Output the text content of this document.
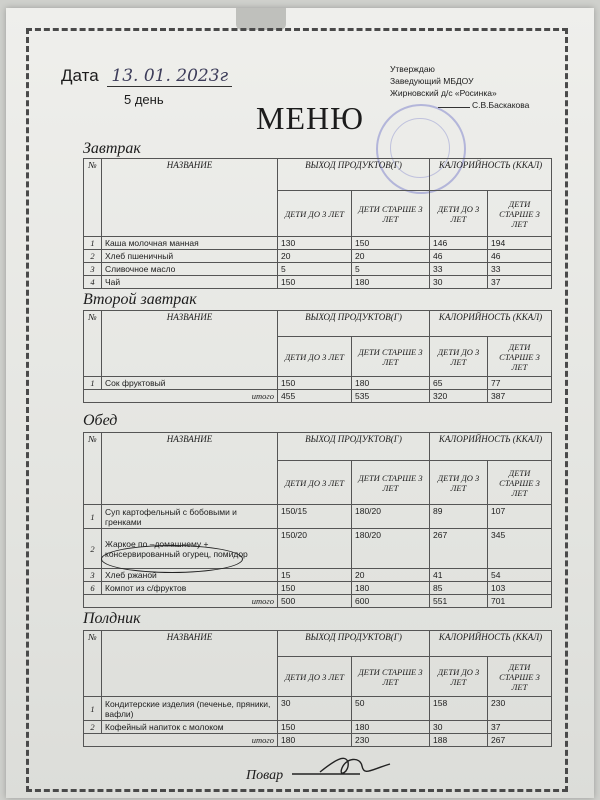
Дата 13. 01. 2023г
5 день
Утверждаю
Заведующий МБДОУ
Жирновский д/с «Росинка»
С.В.Баскакова
МЕНЮ
Завтрак
№	НАЗВАНИЕ	ВЫХОД ПРОДУКТОВ(Г)		КАЛОРИЙНОСТЬ (ККАЛ)	
		ДЕТИ ДО 3 ЛЕТ	ДЕТИ СТАРШЕ 3 ЛЕТ	ДЕТИ ДО 3 ЛЕТ	ДЕТИ СТАРШЕ 3 ЛЕТ
1	Каша молочная манная	130	150	146	194
2	Хлеб пшеничный	20	20	46	46
3	Сливочное масло	5	5	33	33
4	Чай	150	180	30	37
Второй завтрак
№	НАЗВАНИЕ	ВЫХОД ПРОДУКТОВ(Г)		КАЛОРИЙНОСТЬ (ККАЛ)	
		ДЕТИ ДО 3 ЛЕТ	ДЕТИ СТАРШЕ 3 ЛЕТ	ДЕТИ ДО 3 ЛЕТ	ДЕТИ СТАРШЕ 3 ЛЕТ
1	Сок фруктовый	150	180	65	77
итого		455	535	320	387
Обед
№	НАЗВАНИЕ	ВЫХОД ПРОДУКТОВ(Г)		КАЛОРИЙНОСТЬ (ККАЛ)	
		ДЕТИ ДО 3 ЛЕТ	ДЕТИ СТАРШЕ 3 ЛЕТ	ДЕТИ ДО 3 ЛЕТ	ДЕТИ СТАРШЕ 3 ЛЕТ
1	Суп картофельный с бобовыми и гренками	150/15	180/20	89	107
2	Жаркое по –домашнему + консервированный огурец, помидор	150/20	180/20	267	345
3	Хлеб ржаной	15	20	41	54
6	Компот из с/фруктов	150	180	85	103
итого		500	600	551	701
Полдник
№	НАЗВАНИЕ	ВЫХОД ПРОДУКТОВ(Г)		КАЛОРИЙНОСТЬ (ККАЛ)	
		ДЕТИ ДО 3 ЛЕТ	ДЕТИ СТАРШЕ 3 ЛЕТ	ДЕТИ ДО 3 ЛЕТ	ДЕТИ СТАРШЕ 3 ЛЕТ
1	Кондитерские изделия (печенье, пряники, вафли)	30	50	158	230
2	Кофейный напиток с молоком	150	180	30	37
итого		180	230	188	267
Повар
